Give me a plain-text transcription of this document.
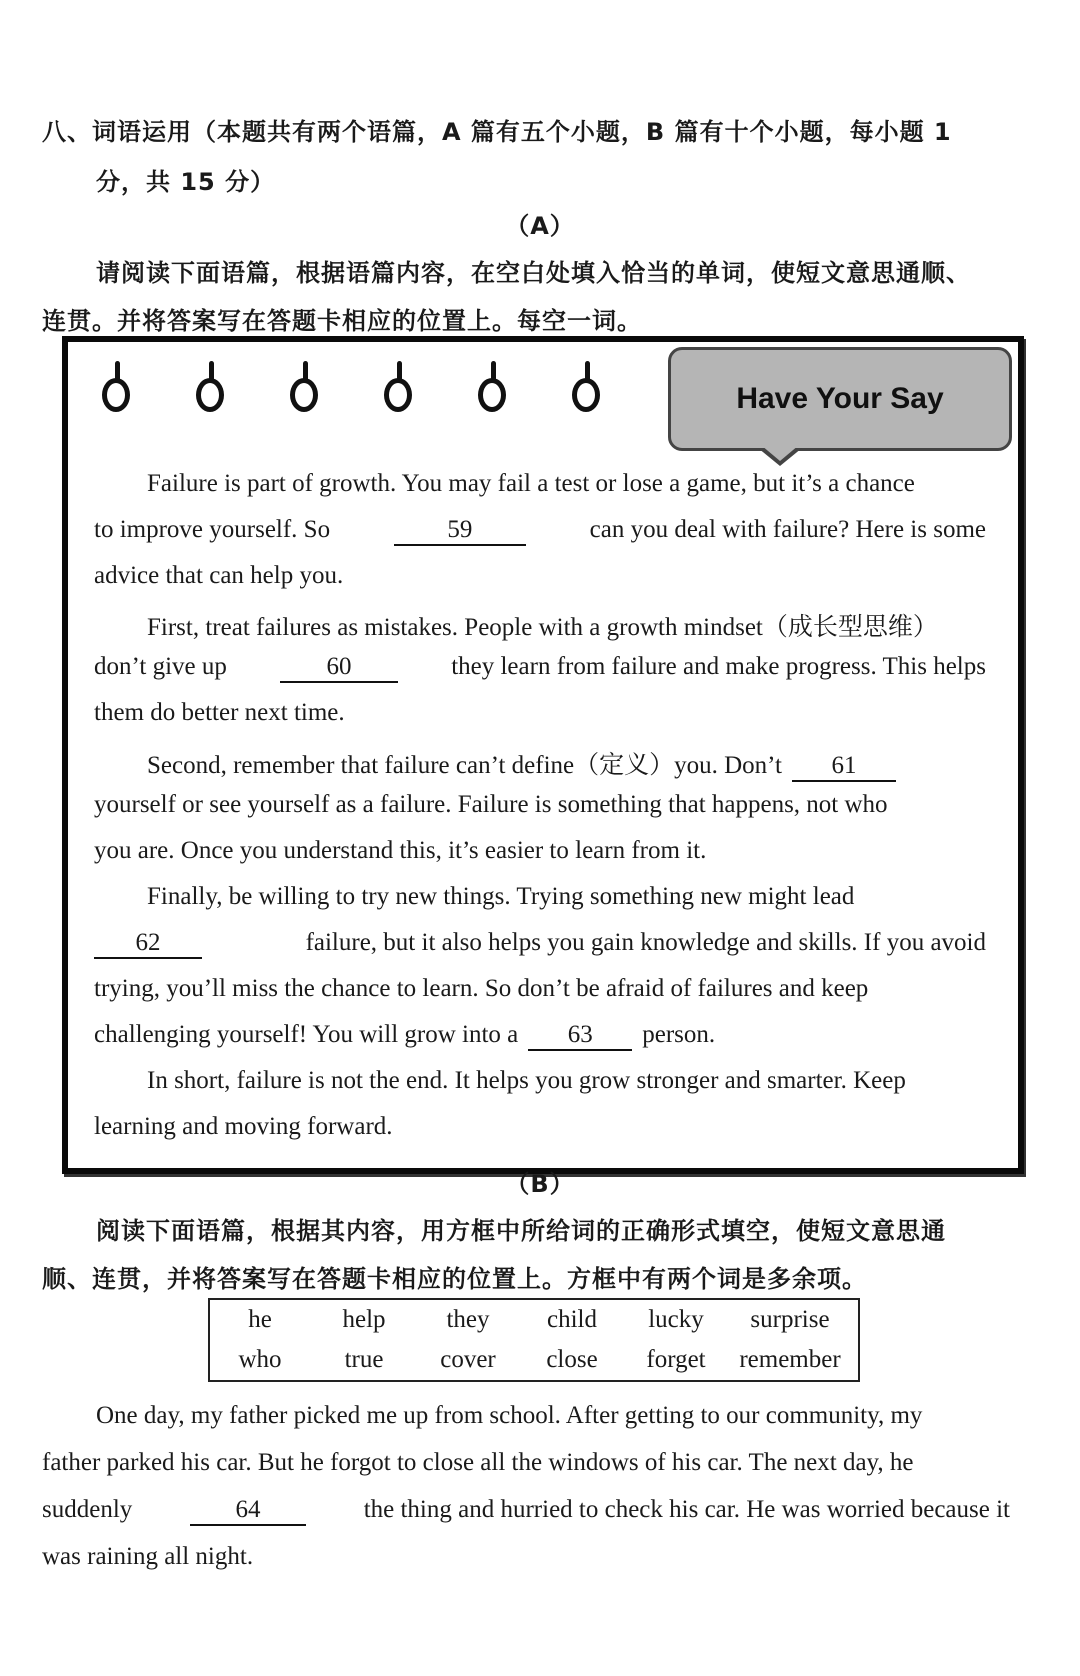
八、词语运用（本题共有两个语篇，A 篇有五个小题，B 篇有十个小题，每小题 1
分，共 15 分）
（A）
请阅读下面语篇，根据语篇内容，在空白处填入恰当的单词，使短文意思通顺、
连贯。并将答案写在答题卡相应的位置上。每空一词。
Have Your Say
Failure is part of growth. You may fail a test or lose a game, but it’s a chance
to improve yourself. So	59	can you deal with failure? Here is some
advice that can help you.
First, treat failures as mistakes. People with a growth mindset（成长型思维）
don’t give up	60	they learn from failure and make progress. This helps
them do better next time.
Second, remember that failure can’t define（定义）you. Don’t 61
yourself or see yourself as a failure. Failure is something that happens, not who
you are. Once you understand this, it’s easier to learn from it.
Finally, be willing to try new things. Trying something new might lead
62	failure, but it also helps you gain knowledge and skills. If you avoid
trying, you’ll miss the chance to learn. So don’t be afraid of failures and keep
challenging yourself! You will grow into a 63 person.
In short, failure is not the end. It helps you grow stronger and smarter. Keep
learning and moving forward.
（B）
阅读下面语篇，根据其内容，用方框中所给词的正确形式填空，使短文意思通
顺、连贯，并将答案写在答题卡相应的位置上。方框中有两个词是多余项。
he	help	they	child	lucky	surprise
who	true	cover	close	forget	remember
One day, my father picked me up from school. After getting to our community, my
father parked his car. But he forgot to close all the windows of his car. The next day, he
suddenly	64	the thing and hurried to check his car. He was worried because it
was raining all night.
